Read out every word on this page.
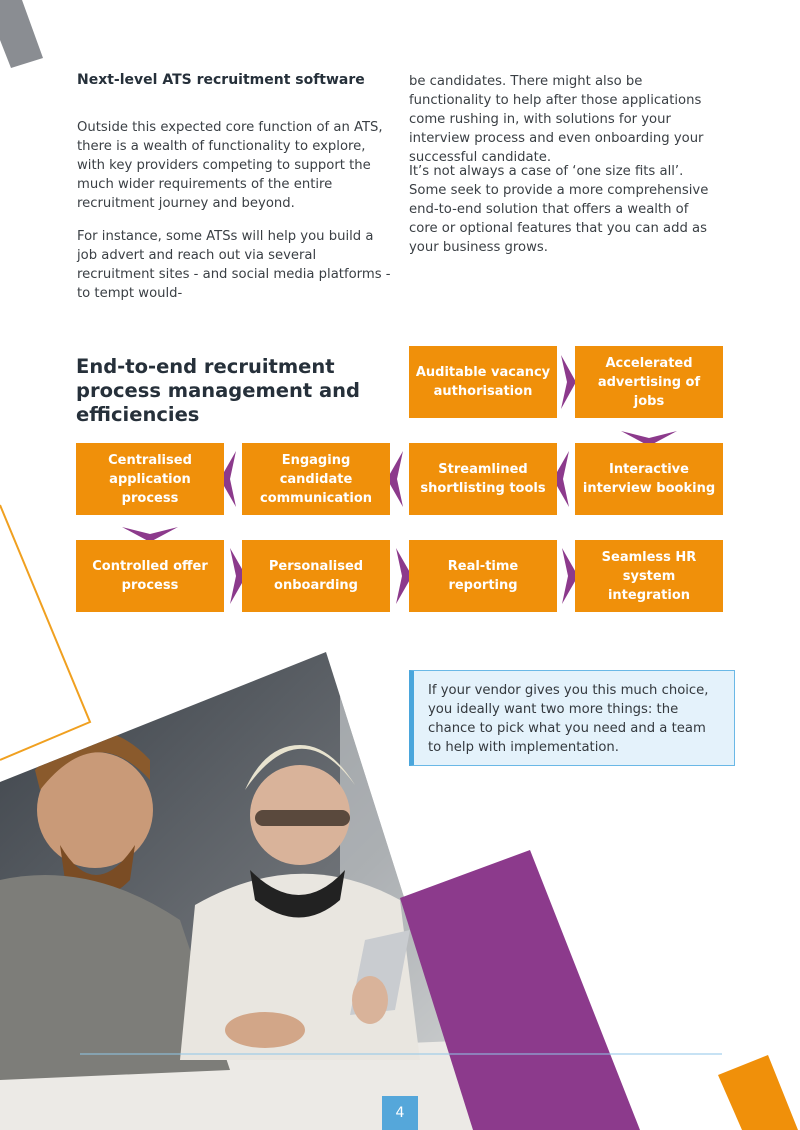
Next-level ATS recruitment software

Outside this expected core function of an ATS, there is a wealth of functionality to explore, with key providers competing to support the much wider requirements of the entire recruitment journey and beyond.

For instance, some ATSs will help you build a job advert and reach out via several recruitment sites - and social media platforms - to tempt would-

be candidates. There might also be functionality to help after those applications come rushing in, with solutions for your interview process and even onboarding your successful candidate.

It’s not always a case of ‘one size fits all’. Some seek to provide a more comprehensive end-to-end solution that offers a wealth of core or optional features that you can add as your business grows.

End-to-end recruitment process management and efficiencies
Auditable vacancy authorisation
Accelerated advertising of jobs
Interactive interview booking
Streamlined shortlisting tools
Engaging candidate communication
Centralised application process
Controlled offer process
Personalised onboarding
Real-time reporting
Seamless HR system integration

If your vendor gives you this much choice, you ideally want two more things: the chance to pick what you need and a team to help with implementation.

4
